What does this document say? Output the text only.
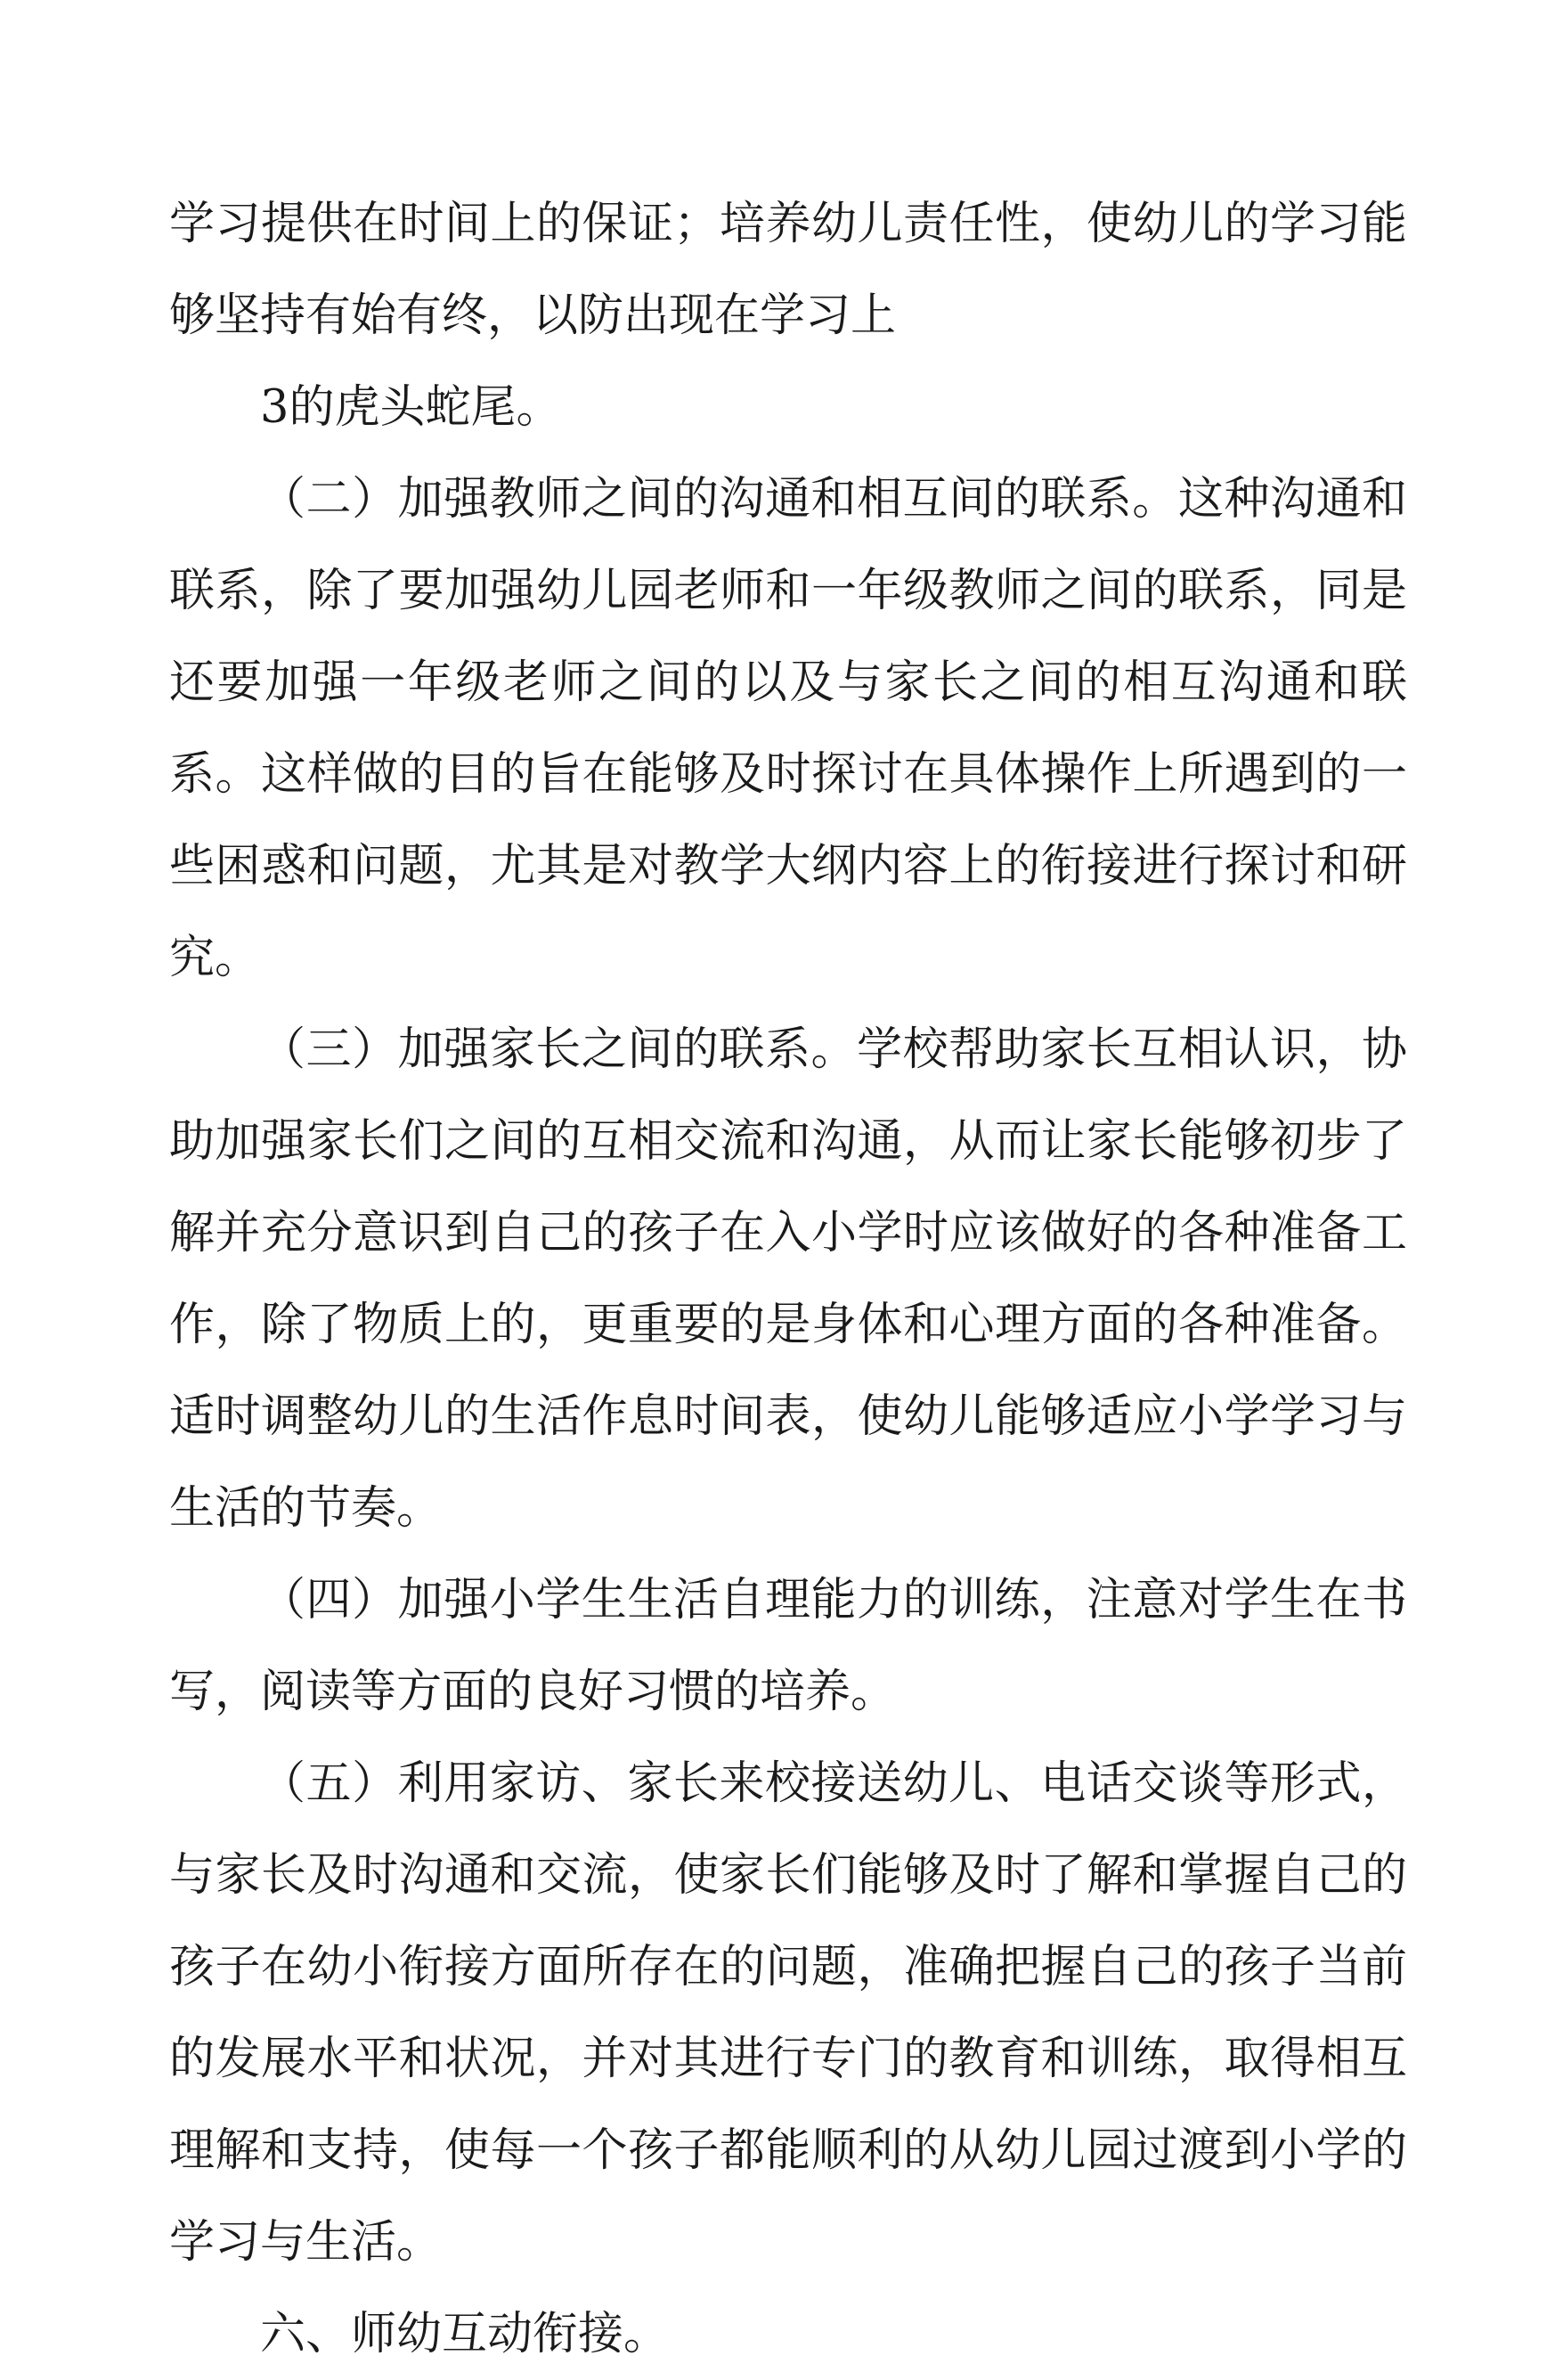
学习提供在时间上的保证；培养幼儿责任性，使幼儿的学习能够坚持有始有终，以防出现在学习上

3的虎头蛇尾。

（二）加强教师之间的沟通和相互间的联系。这种沟通和联系，除了要加强幼儿园老师和一年级教师之间的联系，同是还要加强一年级老师之间的以及与家长之间的相互沟通和联系。这样做的目的旨在能够及时探讨在具体操作上所遇到的一些困惑和问题，尤其是对教学大纲内容上的衔接进行探讨和研究。

（三）加强家长之间的联系。学校帮助家长互相认识，协助加强家长们之间的互相交流和沟通，从而让家长能够初步了解并充分意识到自己的孩子在入小学时应该做好的各种准备工作，除了物质上的，更重要的是身体和心理方面的各种准备。适时调整幼儿的生活作息时间表，使幼儿能够适应小学学习与生活的节奏。

（四）加强小学生生活自理能力的训练，注意对学生在书写，阅读等方面的良好习惯的培养。

（五）利用家访、家长来校接送幼儿、电话交谈等形式，与家长及时沟通和交流，使家长们能够及时了解和掌握自己的孩子在幼小衔接方面所存在的问题，准确把握自己的孩子当前的发展水平和状况，并对其进行专门的教育和训练，取得相互理解和支持，使每一个孩子都能顺利的从幼儿园过渡到小学的学习与生活。

六、师幼互动衔接。
